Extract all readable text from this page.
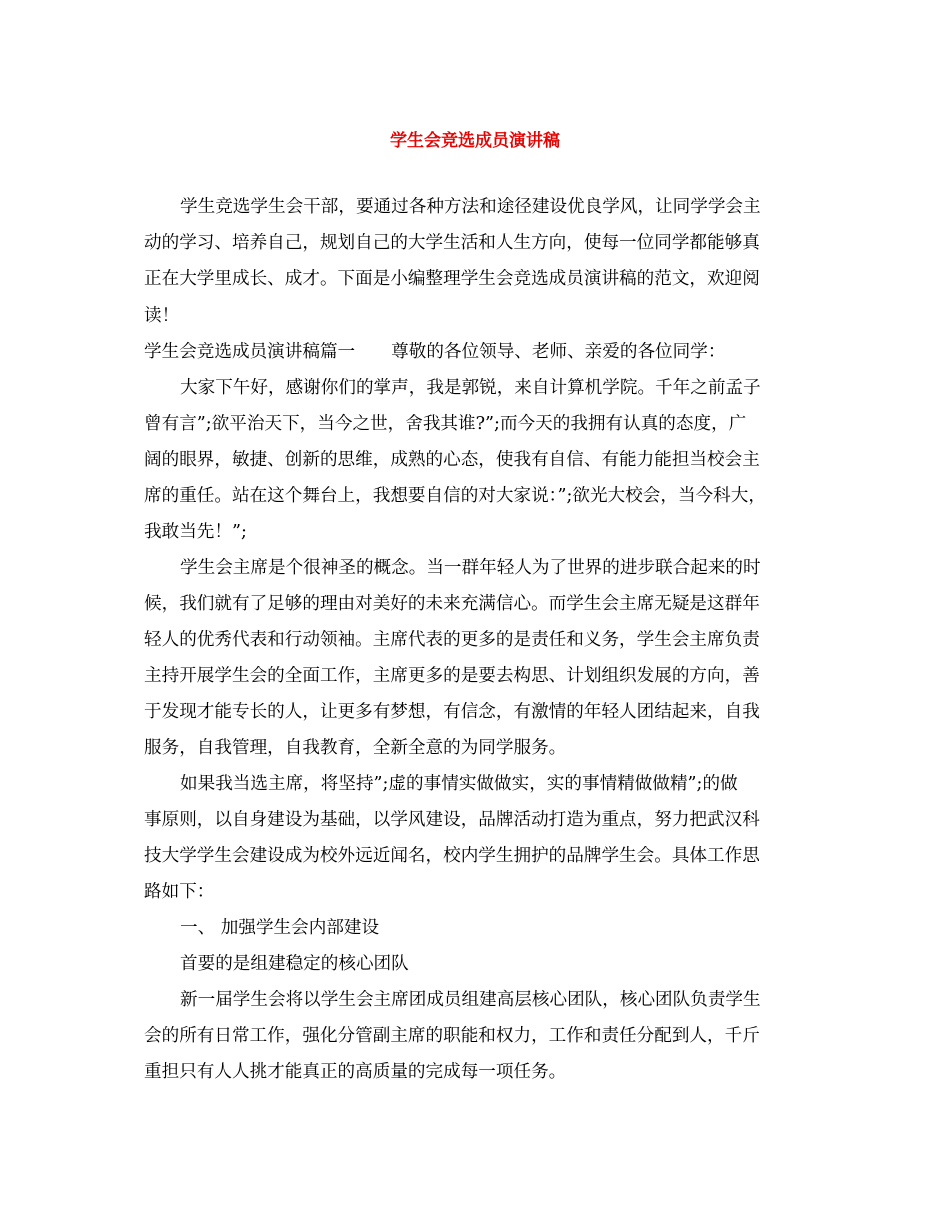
学生会竞选成员演讲稿
学生竞选学生会干部，要通过各种方法和途径建设优良学风，让同学学会主
动的学习、培养自己，规划自己的大学生活和人生方向，使每一位同学都能够真
正在大学里成长、成才。下面是小编整理学生会竞选成员演讲稿的范文，欢迎阅
读！
学生会竞选成员演讲稿篇一 尊敬的各位领导、老师、亲爱的各位同学：
大家下午好，感谢你们的掌声，我是郭锐，来自计算机学院。千年之前孟子
曾有言”;欲平治天下，当今之世，舍我其谁?”;而今天的我拥有认真的态度，广
阔的眼界，敏捷、创新的思维，成熟的心态，使我有自信、有能力能担当校会主
席的重任。站在这个舞台上，我想要自信的对大家说：”;欲光大校会，当今科大，
我敢当先！”;
学生会主席是个很神圣的概念。当一群年轻人为了世界的进步联合起来的时
候，我们就有了足够的理由对美好的未来充满信心。而学生会主席无疑是这群年
轻人的优秀代表和行动领袖。主席代表的更多的是责任和义务，学生会主席负责
主持开展学生会的全面工作，主席更多的是要去构思、计划组织发展的方向，善
于发现才能专长的人，让更多有梦想，有信念，有激情的年轻人团结起来，自我
服务，自我管理，自我教育，全新全意的为同学服务。
如果我当选主席，将坚持”;虚的事情实做做实，实的事情精做做精”;的做
事原则，以自身建设为基础，以学风建设，品牌活动打造为重点，努力把武汉科
技大学学生会建设成为校外远近闻名，校内学生拥护的品牌学生会。具体工作思
路如下：
一、 加强学生会内部建设
首要的是组建稳定的核心团队
新一届学生会将以学生会主席团成员组建高层核心团队，核心团队负责学生
会的所有日常工作，强化分管副主席的职能和权力，工作和责任分配到人，千斤
重担只有人人挑才能真正的高质量的完成每一项任务。
